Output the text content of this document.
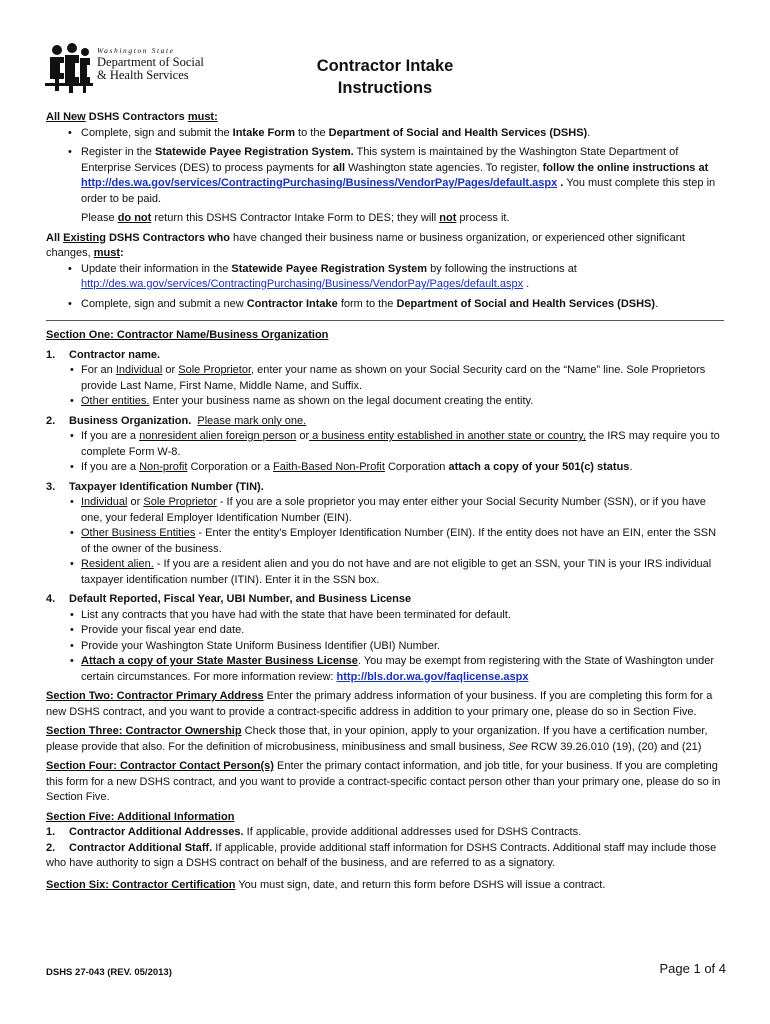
Washington State
Department of Social
& Health Services	Contractor Intake
Instructions

All New DSHS Contractors must:

• Complete, sign and submit the Intake Form to the Department of Social and Health Services (DSHS).
• Register in the Statewide Payee Registration System. This system is maintained by the Washington State Department of Enterprise Services (DES) to process payments for all Washington state agencies. To register, follow the online instructions at http://des.wa.gov/services/ContractingPurchasing/Business/VendorPay/Pages/default.aspx . You must complete this step in order to be paid.

Please do not return this DSHS Contractor Intake Form to DES; they will not process it.

All Existing DSHS Contractors who have changed their business name or business organization, or experienced other significant changes, must:

• Update their information in the Statewide Payee Registration System by following the instructions at http://des.wa.gov/services/ContractingPurchasing/Business/VendorPay/Pages/default.aspx .
• Complete, sign and submit a new Contractor Intake form to the Department of Social and Health Services (DSHS).

Section One: Contractor Name/Business Organization

1. Contractor name.

• For an Individual or Sole Proprietor, enter your name as shown on your Social Security card on the “Name” line. Sole Proprietors provide Last Name, First Name, Middle Name, and Suffix.
• Other entities. Enter your business name as shown on the legal document creating the entity.

2. Business Organization. Please mark only one.

• If you are a nonresident alien foreign person or a business entity established in another state or country, the IRS may require you to complete Form W-8.
• If you are a Non-profit Corporation or a Faith-Based Non-Profit Corporation attach a copy of your 501(c) status.

3. Taxpayer Identification Number (TIN).

• Individual or Sole Proprietor - If you are a sole proprietor you may enter either your Social Security Number (SSN), or if you have one, your federal Employer Identification Number (EIN).
• Other Business Entities - Enter the entity’s Employer Identification Number (EIN). If the entity does not have an EIN, enter the SSN of the owner of the business.
• Resident alien. - If you are a resident alien and you do not have and are not eligible to get an SSN, your TIN is your IRS individual taxpayer identification number (ITIN). Enter it in the SSN box.

4. Default Reported, Fiscal Year, UBI Number, and Business License

• List any contracts that you have had with the state that have been terminated for default.
• Provide your fiscal year end date.
• Provide your Washington State Uniform Business Identifier (UBI) Number.
• Attach a copy of your State Master Business License. You may be exempt from registering with the State of Washington under certain circumstances. For more information review: http://bls.dor.wa.gov/faqlicense.aspx

Section Two: Contractor Primary Address Enter the primary address information of your business. If you are completing this form for a new DSHS contract, and you want to provide a contract-specific address in addition to your primary one, please do so in Section Five.

Section Three: Contractor Ownership Check those that, in your opinion, apply to your organization. If you have a certification number, please provide that also. For the definition of microbusiness, minibusiness and small business, See RCW 39.26.010 (19), (20) and (21)

Section Four: Contractor Contact Person(s) Enter the primary contact information, and job title, for your business. If you are completing this form for a new DSHS contract, and you want to provide a contract-specific contact person other than your primary one, please do so in Section Five.

Section Five: Additional Information

1. Contractor Additional Addresses. If applicable, provide additional addresses used for DSHS Contracts.

2. Contractor Additional Staff. If applicable, provide additional staff information for DSHS Contracts. Additional staff may include those who have authority to sign a DSHS contract on behalf of the business, and are referred to as a signatory.

Section Six: Contractor Certification You must sign, date, and return this form before DSHS will issue a contract.

DSHS 27-043 (REV. 05/2013)	Page 1 of 4
